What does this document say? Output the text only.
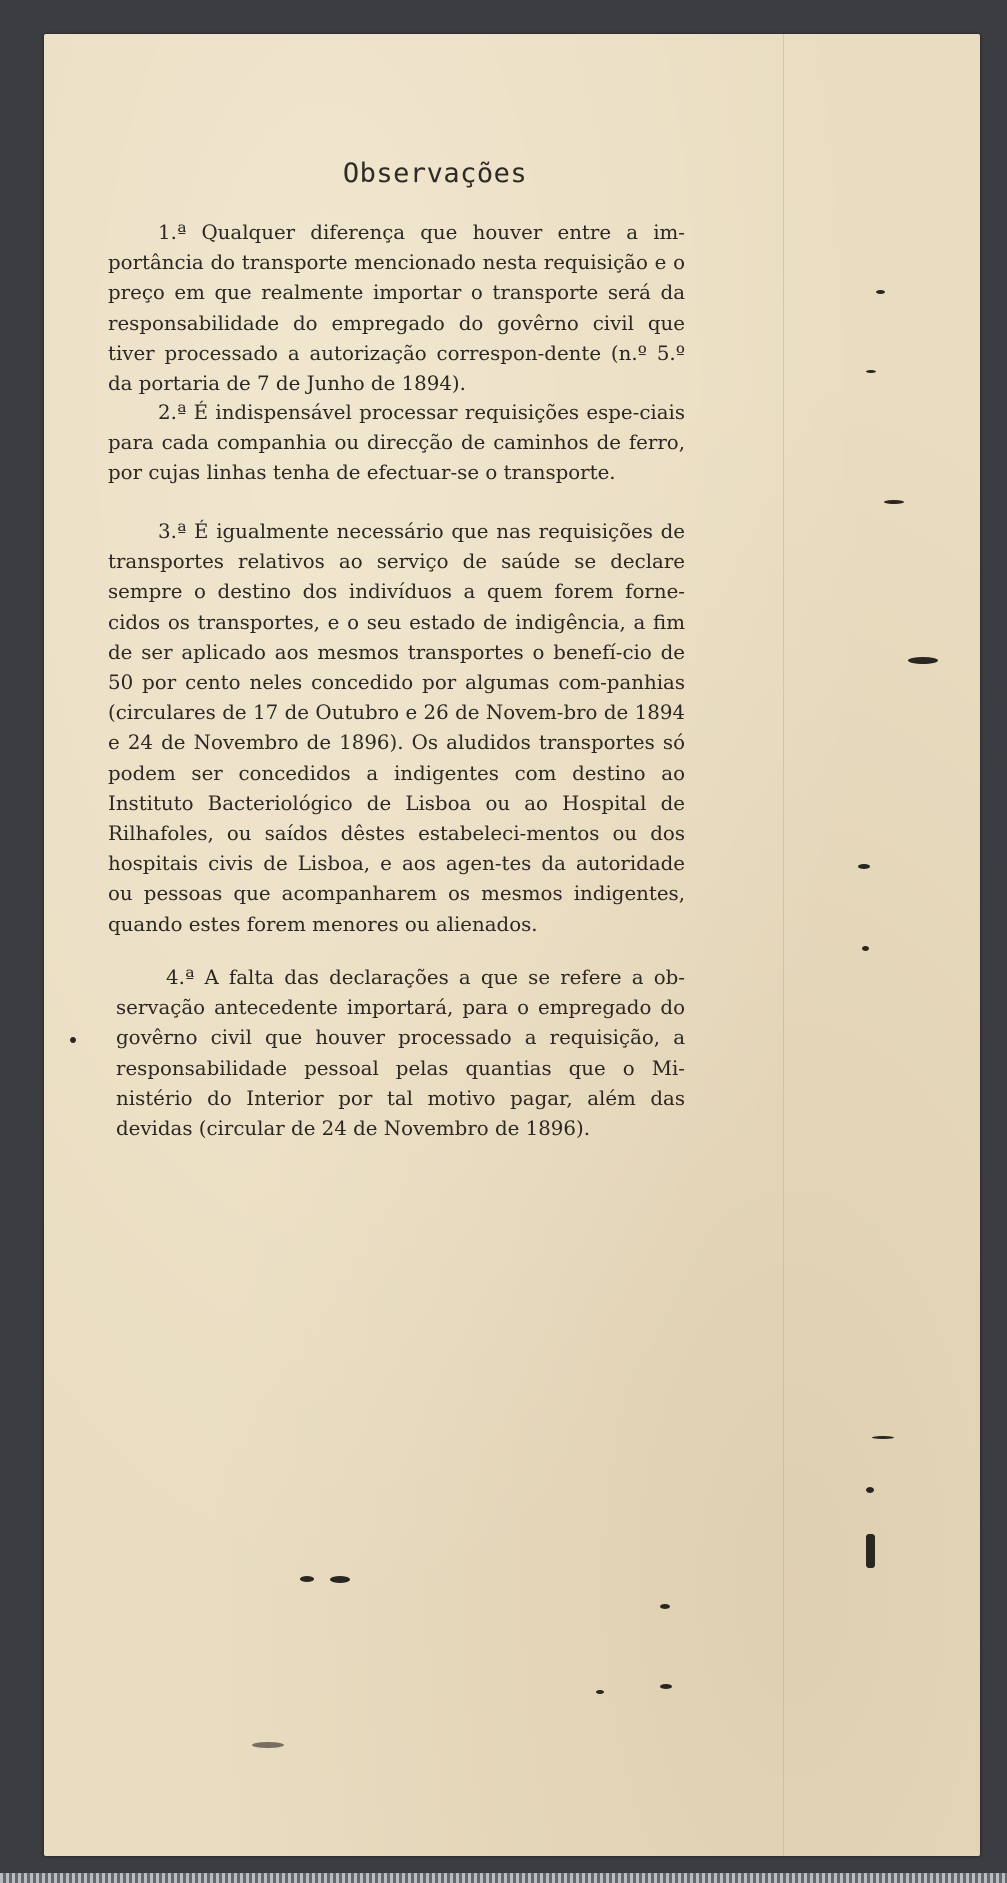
Observações

1.ª Qualquer diferença que houver entre a im-portância do transporte mencionado nesta requisição e o preço em que realmente importar o transporte será da responsabilidade do empregado do govêrno civil que tiver processado a autorização correspon-dente (n.º 5.º da portaria de 7 de Junho de 1894).

2.ª É indispensável processar requisições espe-ciais para cada companhia ou direcção de caminhos de ferro, por cujas linhas tenha de efectuar-se o transporte.

3.ª É igualmente necessário que nas requisições de transportes relativos ao serviço de saúde se declare sempre o destino dos indivíduos a quem forem forne-cidos os transportes, e o seu estado de indigência, a fim de ser aplicado aos mesmos transportes o benefí-cio de 50 por cento neles concedido por algumas com-panhias (circulares de 17 de Outubro e 26 de Novem-bro de 1894 e 24 de Novembro de 1896). Os aludidos transportes só podem ser concedidos a indigentes com destino ao Instituto Bacteriológico de Lisboa ou ao Hospital de Rilhafoles, ou saídos dêstes estabeleci-mentos ou dos hospitais civis de Lisboa, e aos agen-tes da autoridade ou pessoas que acompanharem os mesmos indigentes, quando estes forem menores ou alienados.

4.ª A falta das declarações a que se refere a ob-servação antecedente importará, para o empregado do govêrno civil que houver processado a requisição, a responsabilidade pessoal pelas quantias que o Mi-nistério do Interior por tal motivo pagar, além das devidas (circular de 24 de Novembro de 1896).
